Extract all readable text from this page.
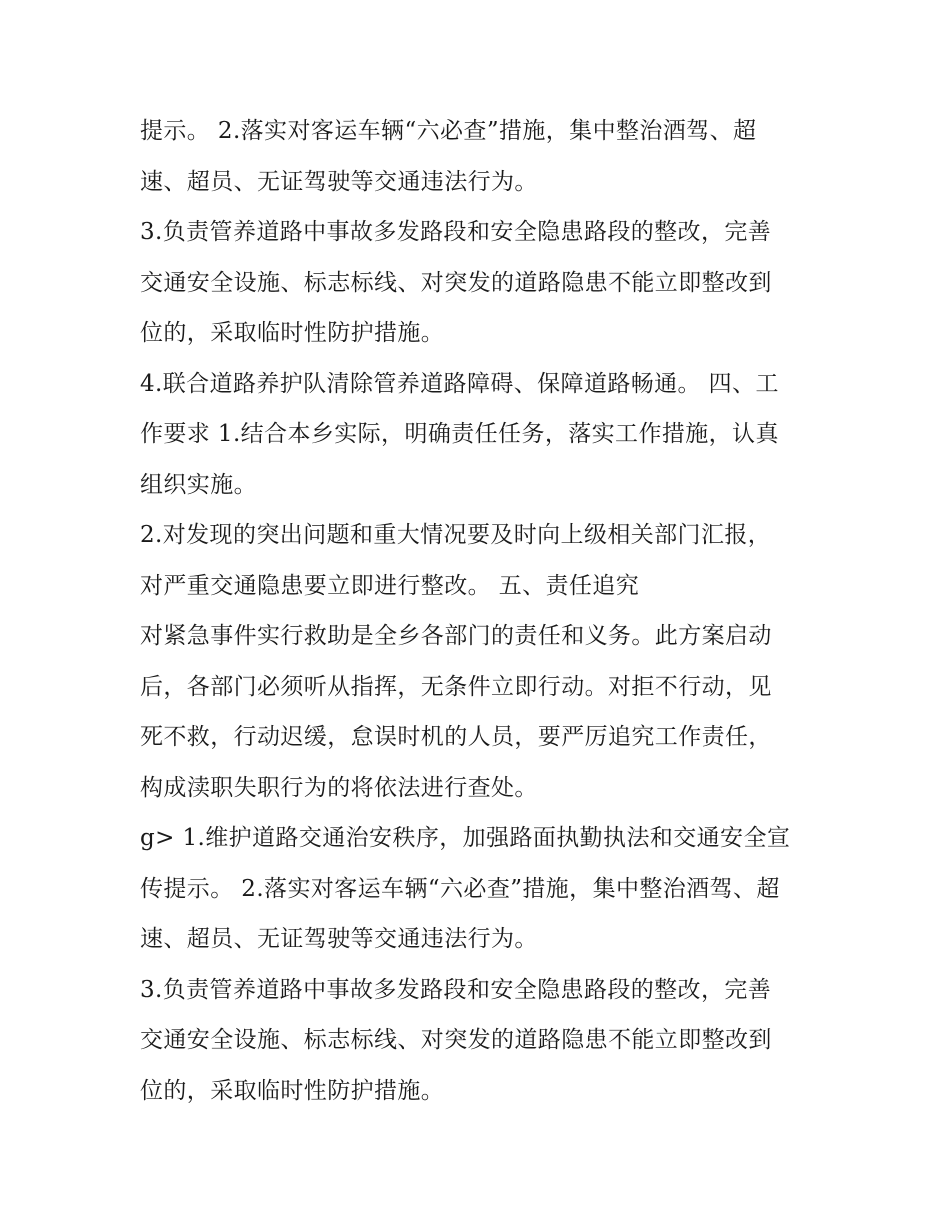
提示。 2.落实对客运车辆“六必查”措施，集中整治酒驾、超
速、超员、无证驾驶等交通违法行为。
3.负责管养道路中事故多发路段和安全隐患路段的整改，完善
交通安全设施、标志标线、对突发的道路隐患不能立即整改到
位的，采取临时性防护措施。
4.联合道路养护队清除管养道路障碍、保障道路畅通。 四、工
作要求 1.结合本乡实际，明确责任任务，落实工作措施，认真
组织实施。
2.对发现的突出问题和重大情况要及时向上级相关部门汇报，
对严重交通隐患要立即进行整改。 五、责任追究
对紧急事件实行救助是全乡各部门的责任和义务。此方案启动
后，各部门必须听从指挥，无条件立即行动。对拒不行动，见
死不救，行动迟缓，怠误时机的人员，要严厉追究工作责任，
构成渎职失职行为的将依法进行查处。
g> 1.维护道路交通治安秩序，加强路面执勤执法和交通安全宣
传提示。 2.落实对客运车辆“六必查”措施，集中整治酒驾、超
速、超员、无证驾驶等交通违法行为。
3.负责管养道路中事故多发路段和安全隐患路段的整改，完善
交通安全设施、标志标线、对突发的道路隐患不能立即整改到
位的，采取临时性防护措施。
